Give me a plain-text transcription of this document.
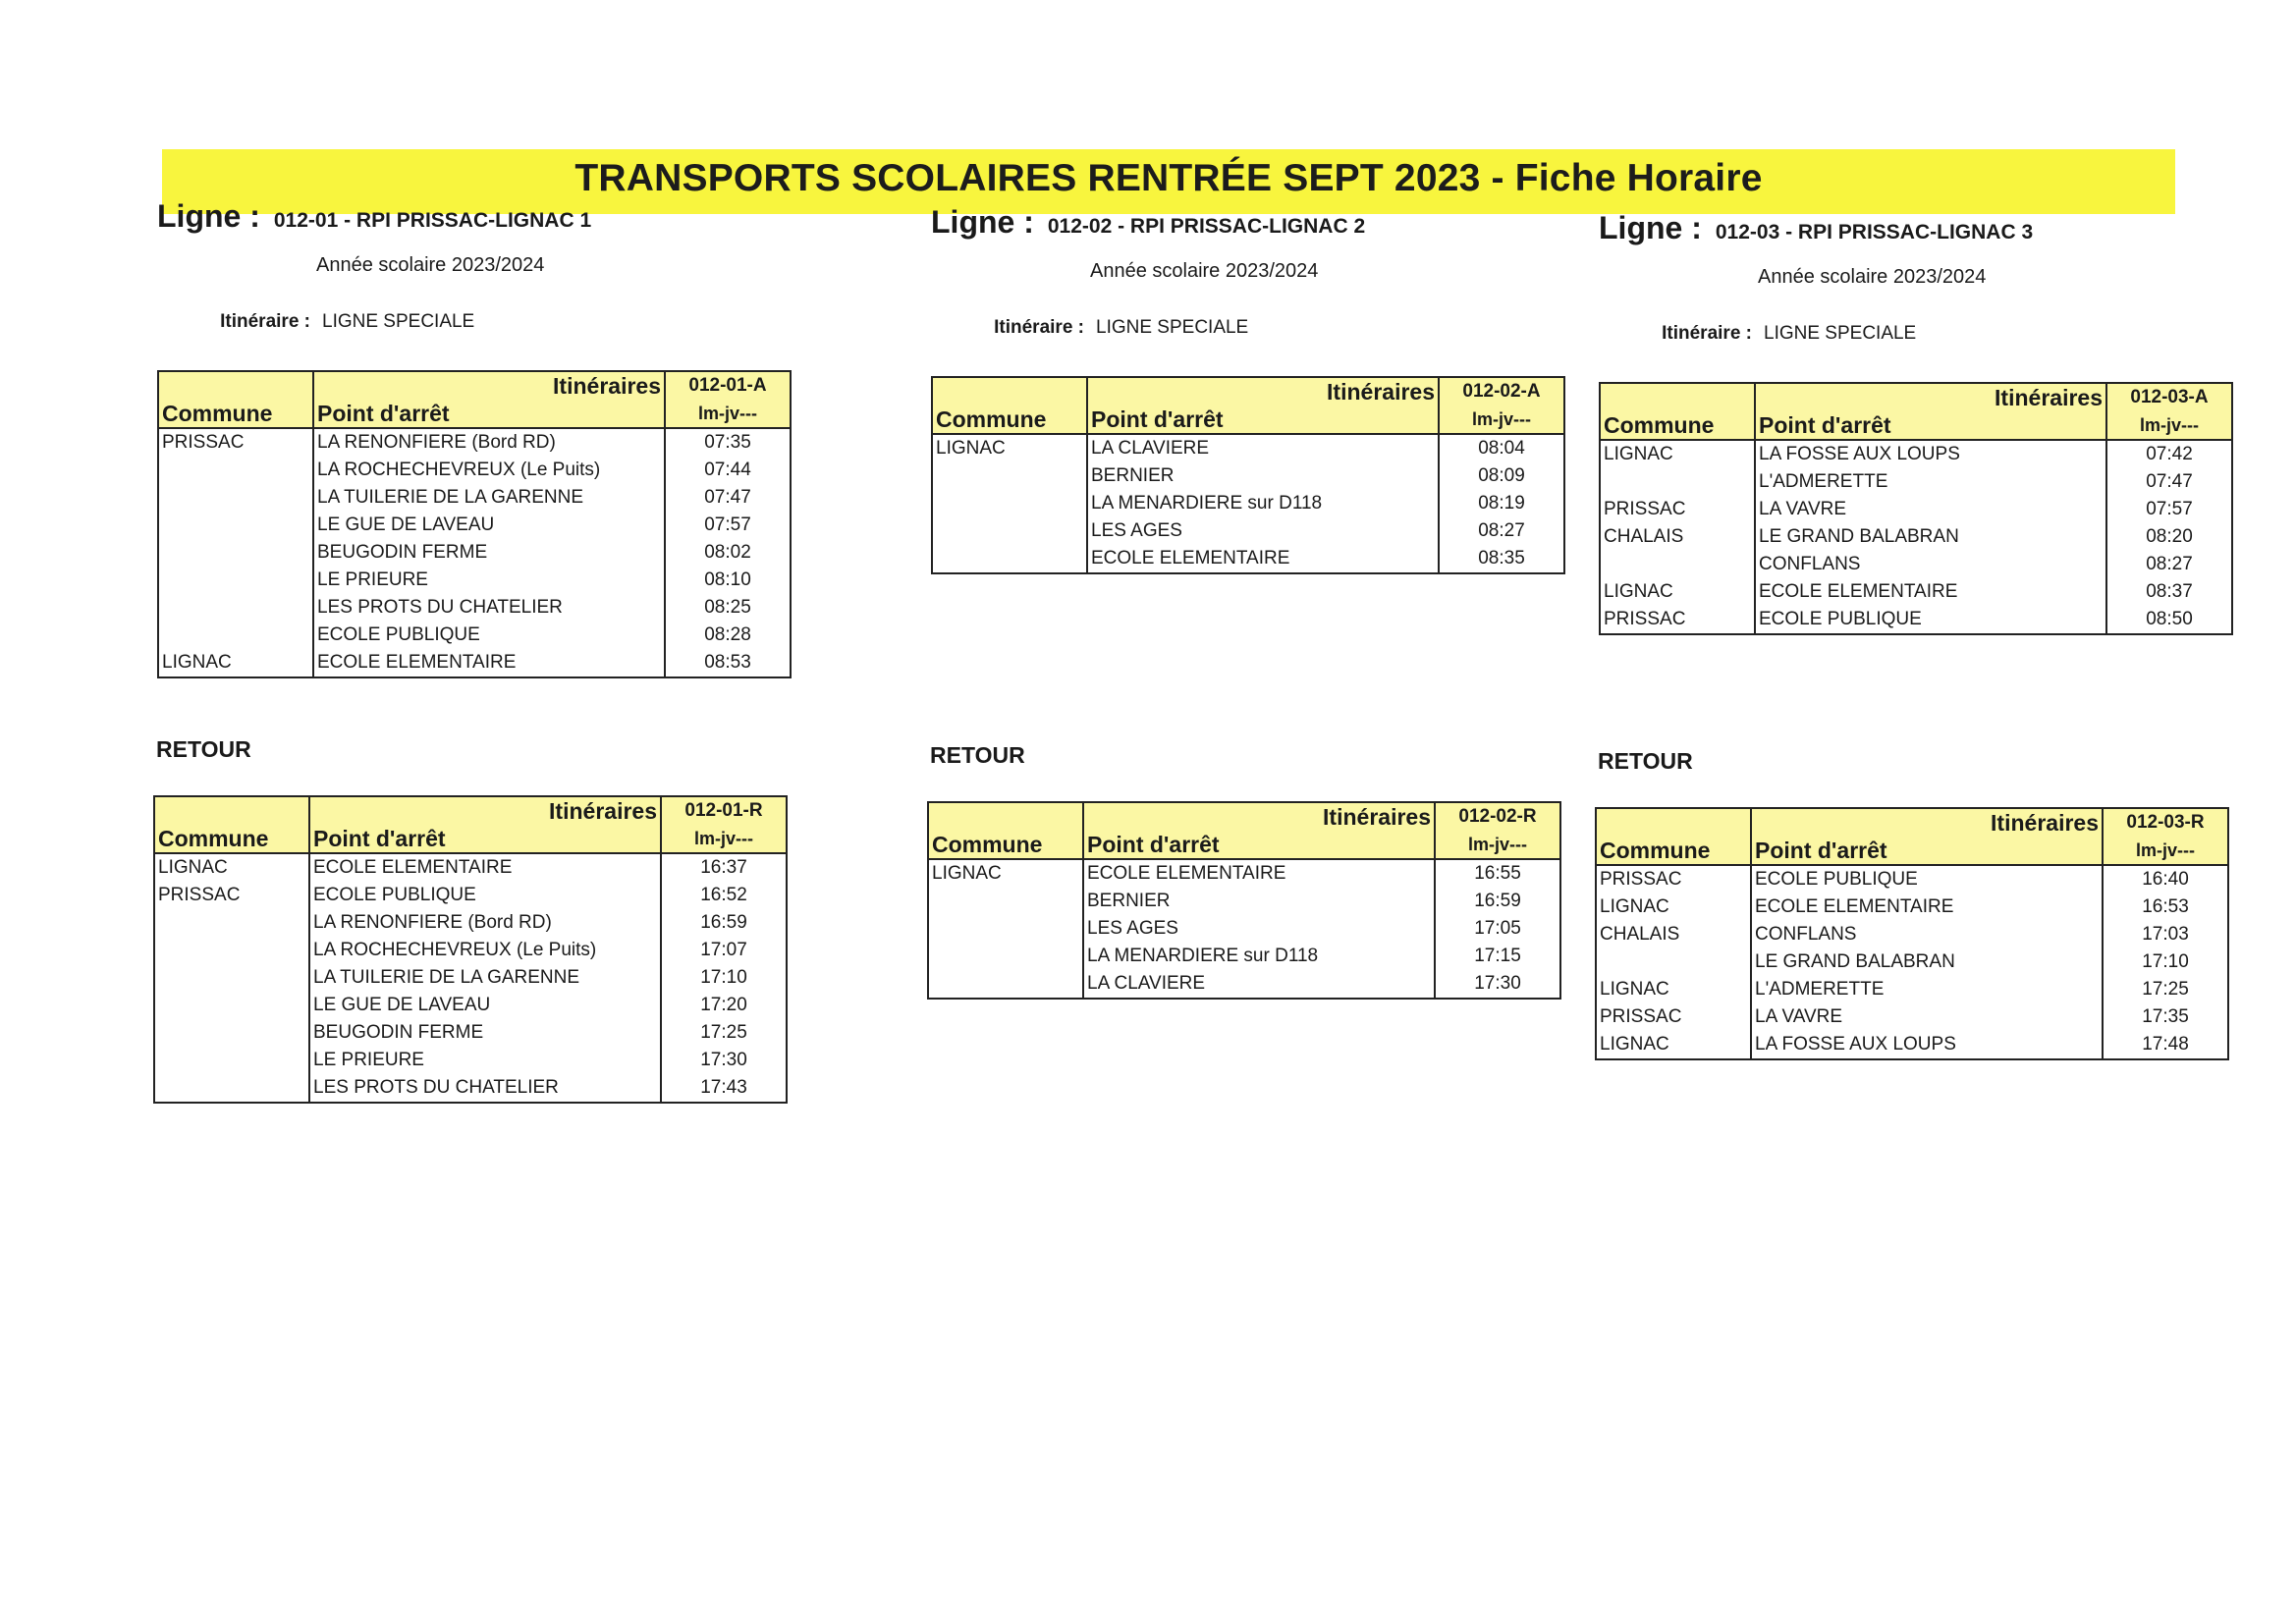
TRANSPORTS SCOLAIRES RENTRÉE SEPT 2023 - Fiche Horaire
Ligne : 012-01 - RPI PRISSAC-LIGNAC 1
Année scolaire 2023/2024
Itinéraire : LIGNE SPECIALE
	Itinéraires	012-01-A
Commune	Point d'arrêt	lm-jv---
PRISSAC	LA RENONFIERE (Bord RD)	07:35
	LA ROCHECHEVREUX (Le Puits)	07:44
	LA TUILERIE DE LA GARENNE	07:47
	LE GUE DE LAVEAU	07:57
	BEUGODIN FERME	08:02
	LE PRIEURE	08:10
	LES PROTS DU CHATELIER	08:25
	ECOLE PUBLIQUE	08:28
LIGNAC	ECOLE ELEMENTAIRE	08:53
RETOUR
	Itinéraires	012-01-R
Commune	Point d'arrêt	lm-jv---
LIGNAC	ECOLE ELEMENTAIRE	16:37
PRISSAC	ECOLE PUBLIQUE	16:52
	LA RENONFIERE (Bord RD)	16:59
	LA ROCHECHEVREUX (Le Puits)	17:07
	LA TUILERIE DE LA GARENNE	17:10
	LE GUE DE LAVEAU	17:20
	BEUGODIN FERME	17:25
	LE PRIEURE	17:30
	LES PROTS DU CHATELIER	17:43
Ligne : 012-02 - RPI PRISSAC-LIGNAC 2
Année scolaire 2023/2024
Itinéraire : LIGNE SPECIALE
	Itinéraires	012-02-A
Commune	Point d'arrêt	lm-jv---
LIGNAC	LA CLAVIERE	08:04
	BERNIER	08:09
	LA MENARDIERE sur D118	08:19
	LES AGES	08:27
	ECOLE ELEMENTAIRE	08:35
RETOUR
	Itinéraires	012-02-R
Commune	Point d'arrêt	lm-jv---
LIGNAC	ECOLE ELEMENTAIRE	16:55
	BERNIER	16:59
	LES AGES	17:05
	LA MENARDIERE sur D118	17:15
	LA CLAVIERE	17:30
Ligne : 012-03 - RPI PRISSAC-LIGNAC 3
Année scolaire 2023/2024
Itinéraire : LIGNE SPECIALE
	Itinéraires	012-03-A
Commune	Point d'arrêt	lm-jv---
LIGNAC	LA FOSSE AUX LOUPS	07:42
	L'ADMERETTE	07:47
PRISSAC	LA VAVRE	07:57
CHALAIS	LE GRAND BALABRAN	08:20
	CONFLANS	08:27
LIGNAC	ECOLE ELEMENTAIRE	08:37
PRISSAC	ECOLE PUBLIQUE	08:50
RETOUR
	Itinéraires	012-03-R
Commune	Point d'arrêt	lm-jv---
PRISSAC	ECOLE PUBLIQUE	16:40
LIGNAC	ECOLE ELEMENTAIRE	16:53
CHALAIS	CONFLANS	17:03
	LE GRAND BALABRAN	17:10
LIGNAC	L'ADMERETTE	17:25
PRISSAC	LA VAVRE	17:35
LIGNAC	LA FOSSE AUX LOUPS	17:48
